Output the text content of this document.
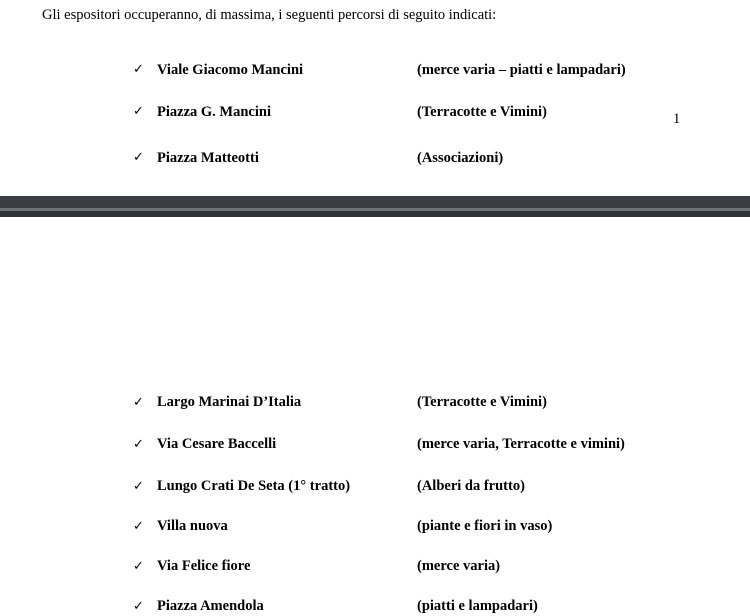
Gli espositori occuperanno, di massima, i seguenti percorsi di seguito indicati:
✓ Viale Giacomo Mancini	(merce varia – piatti e lampadari)
✓ Piazza G. Mancini	(Terracotte e Vimini)
✓ Piazza Matteotti	(Associazioni)
1
✓ Largo Marinai D’Italia	(Terracotte e Vimini)
✓ Via Cesare Baccelli	(merce varia, Terracotte e vimini)
✓ Lungo Crati De Seta (1° tratto)	(Alberi da frutto)
✓ Villa nuova	(piante e fiori in vaso)
✓ Via Felice fiore	(merce varia)
✓ Piazza Amendola	(piatti e lampadari)
